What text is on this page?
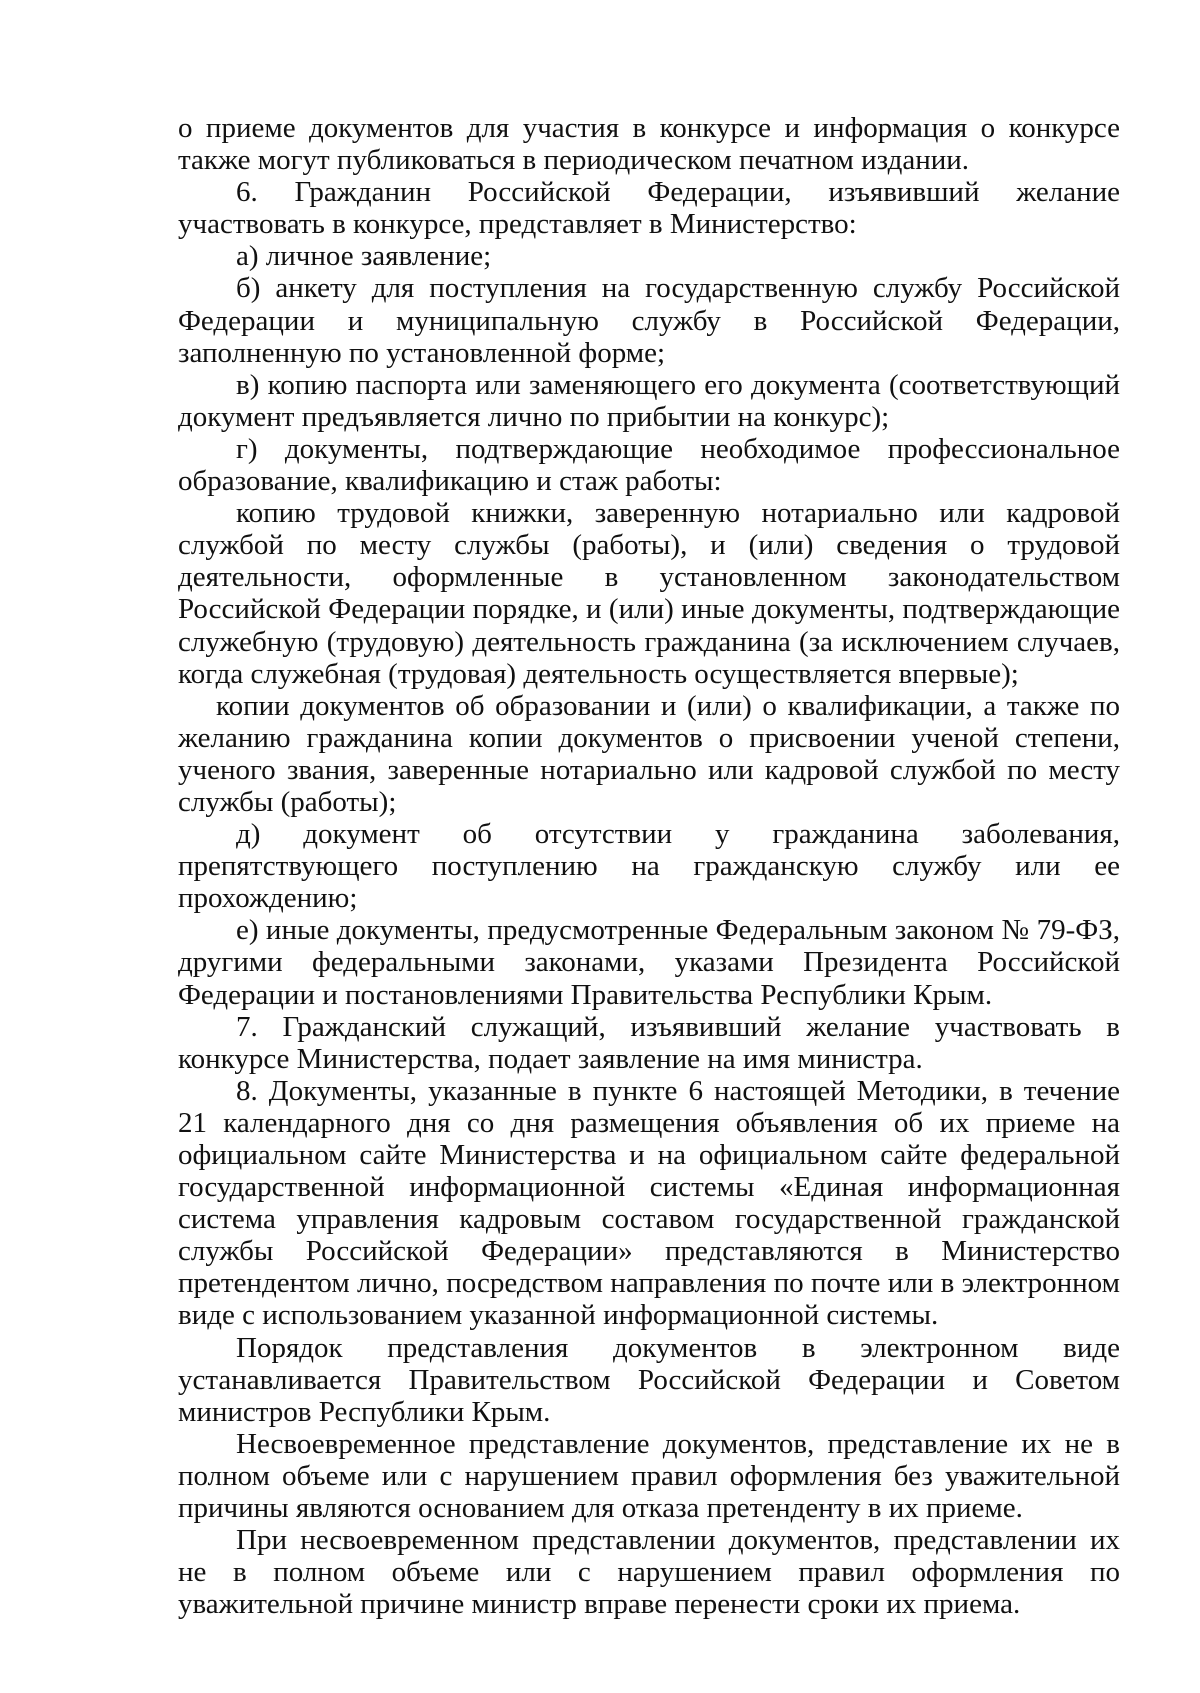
о приеме документов для участия в конкурсе и информация о конкурсе также могут публиковаться в периодическом печатном издании.

6. Гражданин Российской Федерации, изъявивший желание участвовать в конкурсе, представляет в Министерство:

а) личное заявление;

б) анкету для поступления на государственную службу Российской Федерации и муниципальную службу в Российской Федерации, заполненную по установленной форме;

в) копию паспорта или заменяющего его документа (соответствующий документ предъявляется лично по прибытии на конкурс);

г) документы, подтверждающие необходимое профессиональное образование, квалификацию и стаж работы:

копию трудовой книжки, заверенную нотариально или кадровой службой по месту службы (работы), и (или) сведения о трудовой деятельности, оформленные в установленном законодательством Российской Федерации порядке, и (или) иные документы, подтверждающие служебную (трудовую) деятельность гражданина (за исключением случаев, когда служебная (трудовая) деятельность осуществляется впервые);

копии документов об образовании и (или) о квалификации, а также по желанию гражданина копии документов о присвоении ученой степени, ученого звания, заверенные нотариально или кадровой службой по месту службы (работы);

д) документ об отсутствии у гражданина заболевания, препятствующего поступлению на гражданскую службу или ее прохождению;

е) иные документы, предусмотренные Федеральным законом № 79-ФЗ, другими федеральными законами, указами Президента Российской Федерации и постановлениями Правительства Республики Крым.

7. Гражданский служащий, изъявивший желание участвовать в конкурсе Министерства, подает заявление на имя министра.

8. Документы, указанные в пункте 6 настоящей Методики, в течение 21 календарного дня со дня размещения объявления об их приеме на официальном сайте Министерства и на официальном сайте федеральной государственной информационной системы «Единая информационная система управления кадровым составом государственной гражданской службы Российской Федерации» представляются в Министерство претендентом лично, посредством направления по почте или в электронном виде с использованием указанной информационной системы.

Порядок представления документов в электронном виде устанавливается Правительством Российской Федерации и Советом министров Республики Крым.

Несвоевременное представление документов, представление их не в полном объеме или с нарушением правил оформления без уважительной причины являются основанием для отказа претенденту в их приеме.

При несвоевременном представлении документов, представлении их не в полном объеме или с нарушением правил оформления по уважительной причине министр вправе перенести сроки их приема.
